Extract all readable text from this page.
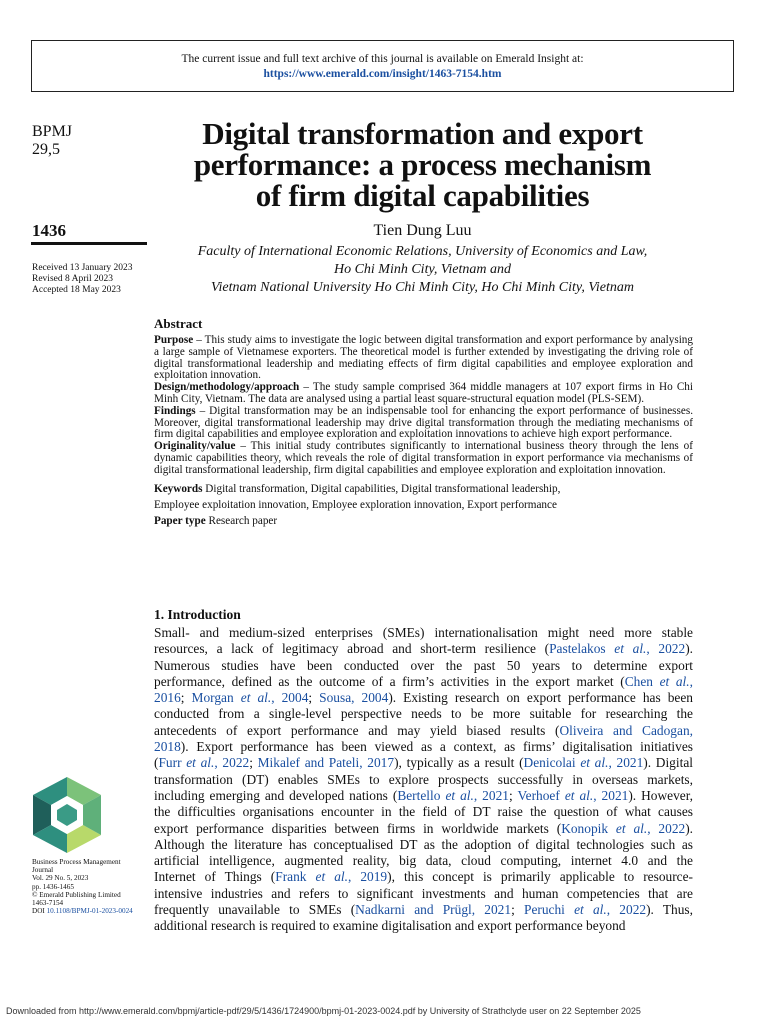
The current issue and full text archive of this journal is available on Emerald Insight at:
https://www.emerald.com/insight/1463-7154.htm
BPMJ
29,5
1436
Received 13 January 2023
Revised 8 April 2023
Accepted 18 May 2023
Digital transformation and export
performance: a process mechanism
of firm digital capabilities
Tien Dung Luu
Faculty of International Economic Relations, University of Economics and Law,
Ho Chi Minh City, Vietnam and
Vietnam National University Ho Chi Minh City, Ho Chi Minh City, Vietnam
Abstract

Purpose – This study aims to investigate the logic between digital transformation and export performance by analysing a large sample of Vietnamese exporters. The theoretical model is further extended by investigating the driving role of digital transformational leadership and mediating effects of firm digital capabilities and employee exploration and exploitation innovation.

Design/methodology/approach – The study sample comprised 364 middle managers at 107 export firms in Ho Chi Minh City, Vietnam. The data are analysed using a partial least square-structural equation model (PLS-SEM).

Findings – Digital transformation may be an indispensable tool for enhancing the export performance of businesses. Moreover, digital transformational leadership may drive digital transformation through the mediating mechanisms of firm digital capabilities and employee exploration and exploitation innovations to achieve high export performance.

Originality/value – This initial study contributes significantly to international business theory through the lens of dynamic capabilities theory, which reveals the role of digital transformation in export performance via mechanisms of digital transformational leadership, firm digital capabilities and employee exploration and exploitation innovation.

Keywords Digital transformation, Digital capabilities, Digital transformational leadership,
Employee exploitation innovation, Employee exploration innovation, Export performance
Paper type Research paper
1. Introduction
Small- and medium-sized enterprises (SMEs) internationalisation might need more stable
resources, a lack of legitimacy abroad and short-term resilience (Pastelakos et al., 2022).
Numerous studies have been conducted over the past 50 years to determine export
performance, defined as the outcome of a firm’s activities in the export market (Chen et al.,
2016; Morgan et al., 2004; Sousa, 2004). Existing research on export performance has been
conducted from a single-level perspective needs to be more suitable for researching the
antecedents of export performance and may yield biased results (Oliveira and Cadogan,
2018). Export performance has been viewed as a context, as firms’ digitalisation initiatives
(Furr et al., 2022; Mikalef and Pateli, 2017), typically as a result (Denicolai et al., 2021). Digital
transformation (DT) enables SMEs to explore prospects successfully in overseas markets,
including emerging and developed nations (Bertello et al., 2021; Verhoef et al., 2021). However,
the difficulties organisations encounter in the field of DT raise the question of what causes
export performance disparities between firms in worldwide markets (Konopik et al., 2022).
Although the literature has conceptualised DT as the adoption of digital technologies such as
artificial intelligence, augmented reality, big data, cloud computing, internet 4.0 and the
Internet of Things (Frank et al., 2019), this concept is primarily applicable to resource-
intensive industries and refers to significant investments and human competencies that are
frequently unavailable to SMEs (Nadkarni and Prügl, 2021; Peruchi et al., 2022). Thus,
additional research is required to examine digitalisation and export performance beyond
Business Process Management
Journal
Vol. 29 No. 5, 2023
pp. 1436-1465
© Emerald Publishing Limited
1463-7154
DOI 10.1108/BPMJ-01-2023-0024
Downloaded from http://www.emerald.com/bpmj/article-pdf/29/5/1436/1724900/bpmj-01-2023-0024.pdf by University of Strathclyde user on 22 September 2025
